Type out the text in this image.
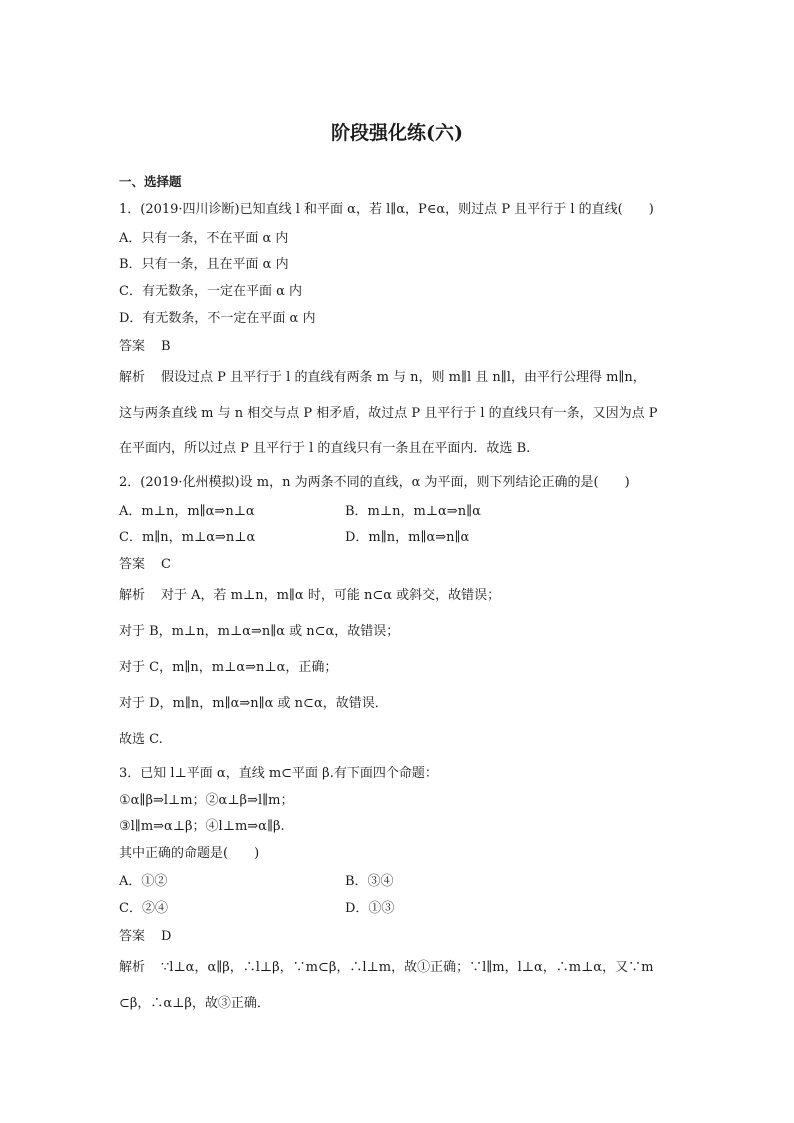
阶段强化练(六)
一、选择题
1．(2019·四川诊断)已知直线 l 和平面 α，若 l∥α，P∈α，则过点 P 且平行于 l 的直线(　　)
A．只有一条，不在平面 α 内
B．只有一条，且在平面 α 内
C．有无数条，一定在平面 α 内
D．有无数条，不一定在平面 α 内
答案 B
解析 假设过点 P 且平行于 l 的直线有两条 m 与 n，则 m∥l 且 n∥l，由平行公理得 m∥n，
这与两条直线 m 与 n 相交与点 P 相矛盾，故过点 P 且平行于 l 的直线只有一条，又因为点 P
在平面内，所以过点 P 且平行于 l 的直线只有一条且在平面内．故选 B.
2．(2019·化州模拟)设 m，n 为两条不同的直线，α 为平面，则下列结论正确的是(　　)
A．m⊥n，m∥α⇒n⊥α	B．m⊥n，m⊥α⇒n∥α
C．m∥n，m⊥α⇒n⊥α	D．m∥n，m∥α⇒n∥α
答案 C
解析 对于 A，若 m⊥n，m∥α 时，可能 n⊂α 或斜交，故错误；
对于 B，m⊥n，m⊥α⇒n∥α 或 n⊂α，故错误；
对于 C，m∥n，m⊥α⇒n⊥α，正确；
对于 D，m∥n，m∥α⇒n∥α 或 n⊂α，故错误．
故选 C.
3．已知 l⊥平面 α，直线 m⊂平面 β.有下面四个命题：
①α∥β⇒l⊥m；②α⊥β⇒l∥m；
③l∥m⇒α⊥β；④l⊥m⇒α∥β.
其中正确的命题是(　　)
A．①②	B．③④
C．②④	D．①③
答案 D
解析 ∵l⊥α，α∥β，∴l⊥β，∵m⊂β，∴l⊥m，故①正确；∵l∥m，l⊥α，∴m⊥α，又∵m
⊂β，∴α⊥β，故③正确．
